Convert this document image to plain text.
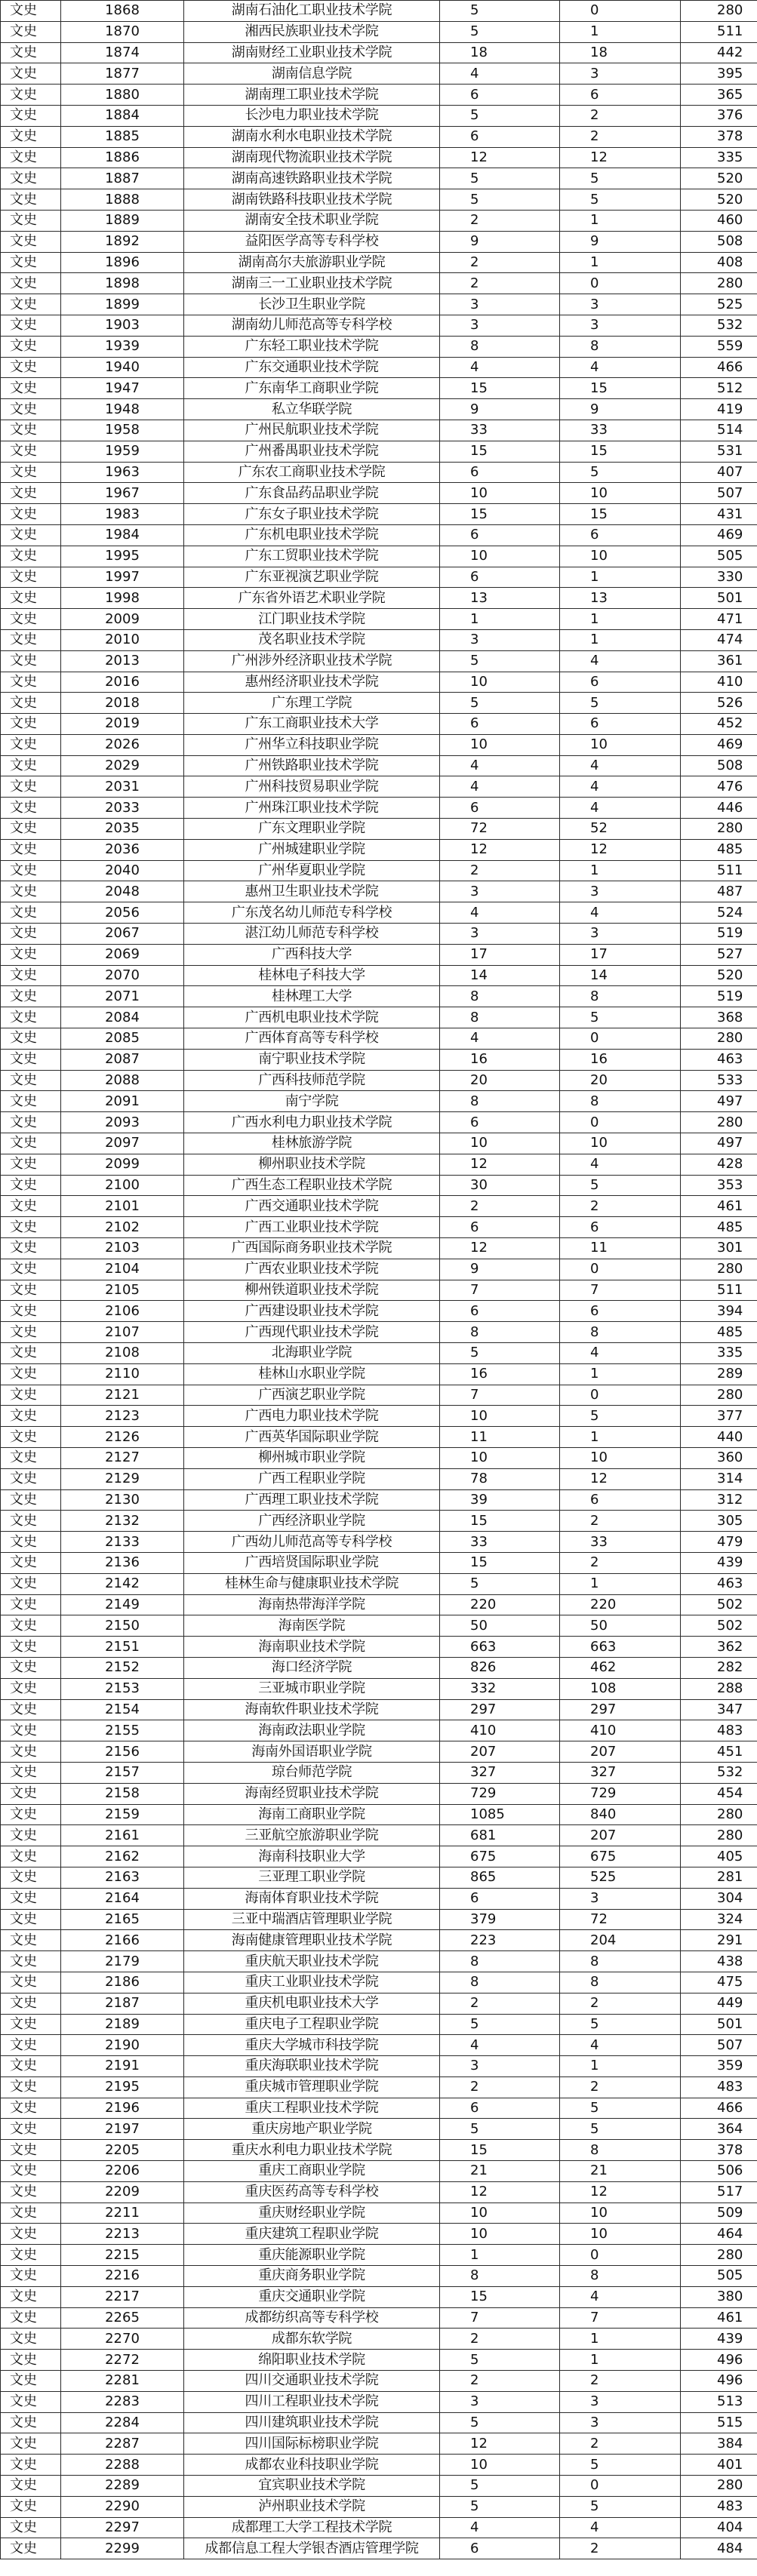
文史	1868	湖南石油化工职业技术学院	5	0	280
文史	1870	湘西民族职业技术学院	5	1	511
文史	1874	湖南财经工业职业技术学院	18	18	442
文史	1877	湖南信息学院	4	3	395
文史	1880	湖南理工职业技术学院	6	6	365
文史	1884	长沙电力职业技术学院	5	2	376
文史	1885	湖南水利水电职业技术学院	6	2	378
文史	1886	湖南现代物流职业技术学院	12	12	335
文史	1887	湖南高速铁路职业技术学院	5	5	520
文史	1888	湖南铁路科技职业技术学院	5	5	520
文史	1889	湖南安全技术职业学院	2	1	460
文史	1892	益阳医学高等专科学校	9	9	508
文史	1896	湖南高尔夫旅游职业学院	2	1	408
文史	1898	湖南三一工业职业技术学院	2	0	280
文史	1899	长沙卫生职业学院	3	3	525
文史	1903	湖南幼儿师范高等专科学校	3	3	532
文史	1939	广东轻工职业技术学院	8	8	559
文史	1940	广东交通职业技术学院	4	4	466
文史	1947	广东南华工商职业学院	15	15	512
文史	1948	私立华联学院	9	9	419
文史	1958	广州民航职业技术学院	33	33	514
文史	1959	广州番禺职业技术学院	15	15	531
文史	1963	广东农工商职业技术学院	6	5	407
文史	1967	广东食品药品职业学院	10	10	507
文史	1983	广东女子职业技术学院	15	15	431
文史	1984	广东机电职业技术学院	6	6	469
文史	1995	广东工贸职业技术学院	10	10	505
文史	1997	广东亚视演艺职业学院	6	1	330
文史	1998	广东省外语艺术职业学院	13	13	501
文史	2009	江门职业技术学院	1	1	471
文史	2010	茂名职业技术学院	3	1	474
文史	2013	广州涉外经济职业技术学院	5	4	361
文史	2016	惠州经济职业技术学院	10	6	410
文史	2018	广东理工学院	5	5	526
文史	2019	广东工商职业技术大学	6	6	452
文史	2026	广州华立科技职业学院	10	10	469
文史	2029	广州铁路职业技术学院	4	4	508
文史	2031	广州科技贸易职业学院	4	4	476
文史	2033	广州珠江职业技术学院	6	4	446
文史	2035	广东文理职业学院	72	52	280
文史	2036	广州城建职业学院	12	12	485
文史	2040	广州华夏职业学院	2	1	511
文史	2048	惠州卫生职业技术学院	3	3	487
文史	2056	广东茂名幼儿师范专科学校	4	4	524
文史	2067	湛江幼儿师范专科学校	3	3	519
文史	2069	广西科技大学	17	17	527
文史	2070	桂林电子科技大学	14	14	520
文史	2071	桂林理工大学	8	8	519
文史	2084	广西机电职业技术学院	8	5	368
文史	2085	广西体育高等专科学校	4	0	280
文史	2087	南宁职业技术学院	16	16	463
文史	2088	广西科技师范学院	20	20	533
文史	2091	南宁学院	8	8	497
文史	2093	广西水利电力职业技术学院	6	0	280
文史	2097	桂林旅游学院	10	10	497
文史	2099	柳州职业技术学院	12	4	428
文史	2100	广西生态工程职业技术学院	30	5	353
文史	2101	广西交通职业技术学院	2	2	461
文史	2102	广西工业职业技术学院	6	6	485
文史	2103	广西国际商务职业技术学院	12	11	301
文史	2104	广西农业职业技术学院	9	0	280
文史	2105	柳州铁道职业技术学院	7	7	511
文史	2106	广西建设职业技术学院	6	6	394
文史	2107	广西现代职业技术学院	8	8	485
文史	2108	北海职业学院	5	4	335
文史	2110	桂林山水职业学院	16	1	289
文史	2121	广西演艺职业学院	7	0	280
文史	2123	广西电力职业技术学院	10	5	377
文史	2126	广西英华国际职业学院	11	1	440
文史	2127	柳州城市职业学院	10	10	360
文史	2129	广西工程职业学院	78	12	314
文史	2130	广西理工职业技术学院	39	6	312
文史	2132	广西经济职业学院	15	2	305
文史	2133	广西幼儿师范高等专科学校	33	33	479
文史	2136	广西培贤国际职业学院	15	2	439
文史	2142	桂林生命与健康职业技术学院	5	1	463
文史	2149	海南热带海洋学院	220	220	502
文史	2150	海南医学院	50	50	502
文史	2151	海南职业技术学院	663	663	362
文史	2152	海口经济学院	826	462	282
文史	2153	三亚城市职业学院	332	108	288
文史	2154	海南软件职业技术学院	297	297	347
文史	2155	海南政法职业学院	410	410	483
文史	2156	海南外国语职业学院	207	207	451
文史	2157	琼台师范学院	327	327	532
文史	2158	海南经贸职业技术学院	729	729	454
文史	2159	海南工商职业学院	1085	840	280
文史	2161	三亚航空旅游职业学院	681	207	280
文史	2162	海南科技职业大学	675	675	405
文史	2163	三亚理工职业学院	865	525	281
文史	2164	海南体育职业技术学院	6	3	304
文史	2165	三亚中瑞酒店管理职业学院	379	72	324
文史	2166	海南健康管理职业技术学院	223	204	291
文史	2179	重庆航天职业技术学院	8	8	438
文史	2186	重庆工业职业技术学院	8	8	475
文史	2187	重庆机电职业技术大学	2	2	449
文史	2189	重庆电子工程职业学院	5	5	501
文史	2190	重庆大学城市科技学院	4	4	507
文史	2191	重庆海联职业技术学院	3	1	359
文史	2195	重庆城市管理职业学院	2	2	483
文史	2196	重庆工程职业技术学院	6	5	466
文史	2197	重庆房地产职业学院	5	5	364
文史	2205	重庆水利电力职业技术学院	15	8	378
文史	2206	重庆工商职业学院	21	21	506
文史	2209	重庆医药高等专科学校	12	12	517
文史	2211	重庆财经职业学院	10	10	509
文史	2213	重庆建筑工程职业学院	10	10	464
文史	2215	重庆能源职业学院	1	0	280
文史	2216	重庆商务职业学院	8	8	505
文史	2217	重庆交通职业学院	15	4	380
文史	2265	成都纺织高等专科学校	7	7	461
文史	2270	成都东软学院	2	1	439
文史	2272	绵阳职业技术学院	5	1	496
文史	2281	四川交通职业技术学院	2	2	496
文史	2283	四川工程职业技术学院	3	3	513
文史	2284	四川建筑职业技术学院	5	3	515
文史	2287	四川国际标榜职业学院	12	2	384
文史	2288	成都农业科技职业学院	10	5	401
文史	2289	宜宾职业技术学院	5	0	280
文史	2290	泸州职业技术学院	5	5	483
文史	2297	成都理工大学工程技术学院	4	4	404
文史	2299	成都信息工程大学银杏酒店管理学院	6	2	484
